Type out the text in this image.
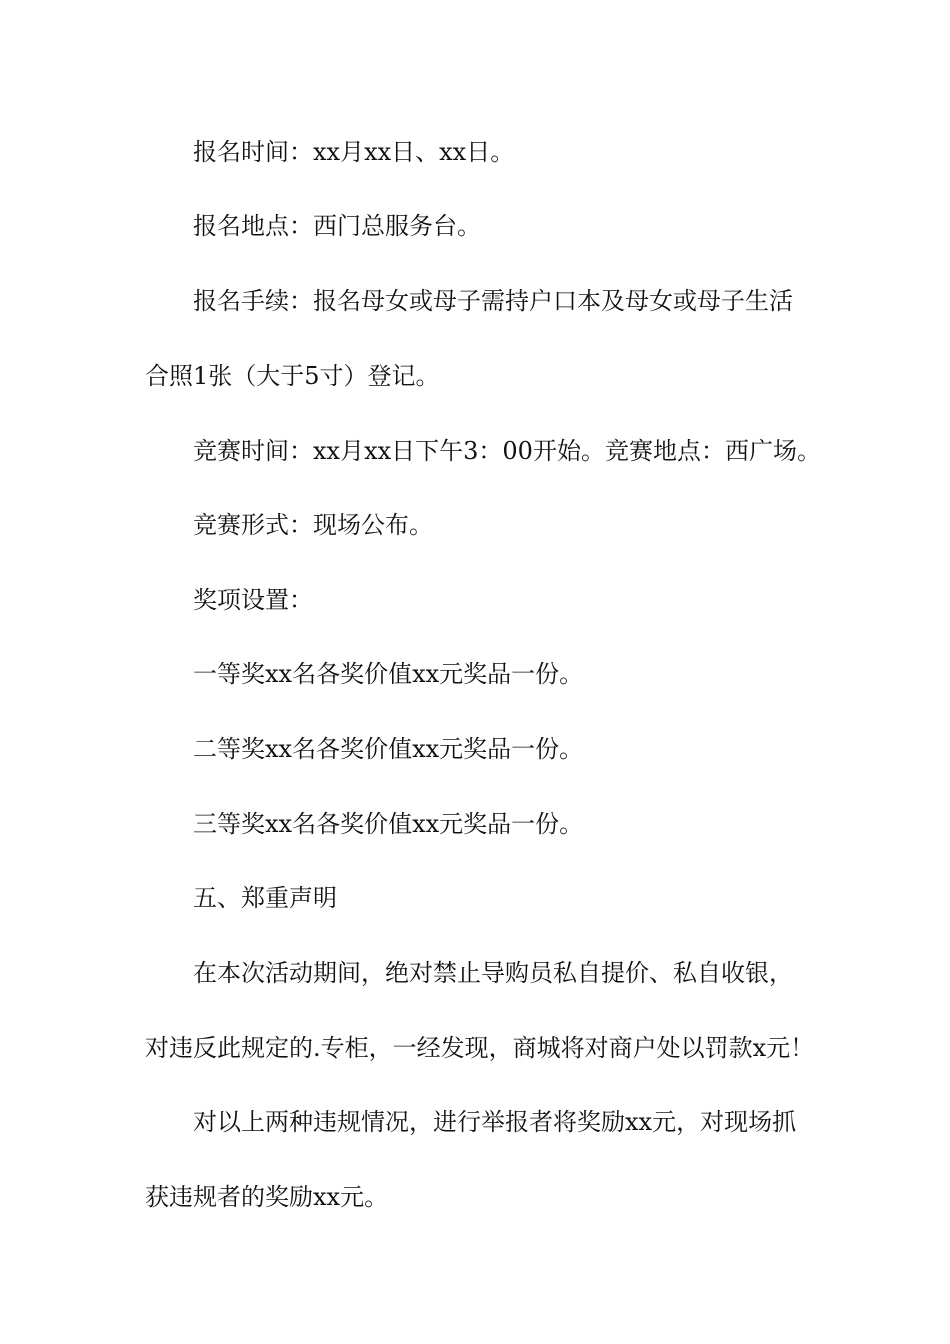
报名时间：xx月xx日、xx日。
报名地点：西门总服务台。
报名手续：报名母女或母子需持户口本及母女或母子生活
合照1张（大于5寸）登记。
竞赛时间：xx月xx日下午3：00开始。竞赛地点：西广场。
竞赛形式：现场公布。
奖项设置：
一等奖xx名各奖价值xx元奖品一份。
二等奖xx名各奖价值xx元奖品一份。
三等奖xx名各奖价值xx元奖品一份。
五、郑重声明
在本次活动期间，绝对禁止导购员私自提价、私自收银，
对违反此规定的.专柜，一经发现，商城将对商户处以罚款x元！
对以上两种违规情况，进行举报者将奖励xx元，对现场抓
获违规者的奖励xx元。
